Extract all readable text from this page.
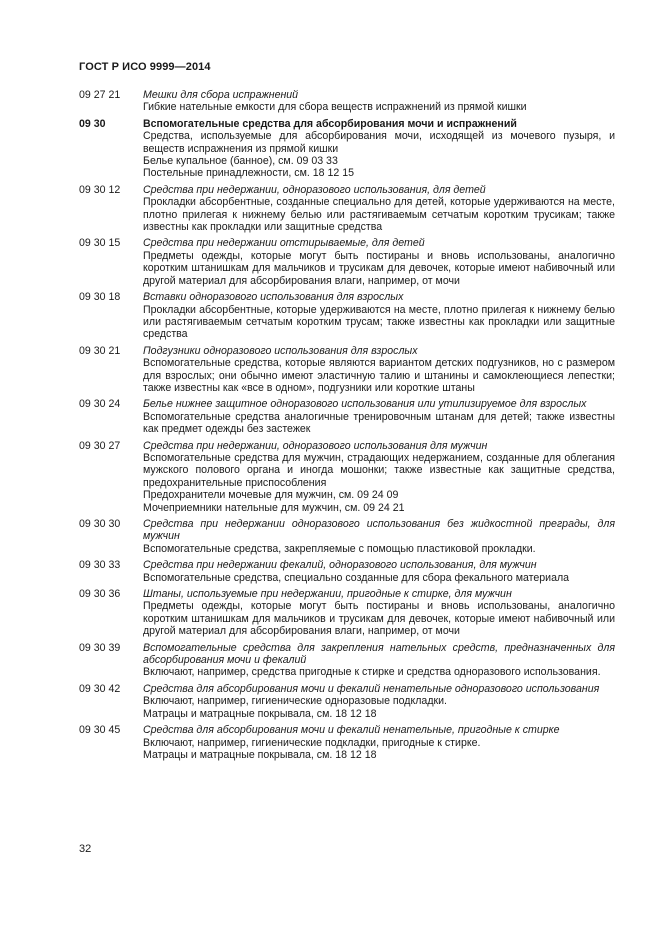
ГОСТ Р ИСО 9999—2014
09 27 21	Мешки для сбора испражнений
Гибкие нательные емкости для сбора веществ испражнений из прямой кишки
09 30	Вспомогательные средства для абсорбирования мочи и испражнений
Средства, используемые для абсорбирования мочи, исходящей из мочевого пузыря, и веществ испражнения из прямой кишки
Белье купальное (банное), см. 09 03 33
Постельные принадлежности, см. 18 12 15
09 30 12	Средства при недержании, одноразового использования, для детей
Прокладки абсорбентные, созданные специально для детей, которые удерживаются на месте, плотно прилегая к нижнему белью или растягиваемым сетчатым коротким трусикам; также известны как прокладки или защитные средства
09 30 15	Средства при недержании отстирываемые, для детей
Предметы одежды, которые могут быть постираны и вновь использованы, аналогично коротким штанишкам для мальчиков и трусикам для девочек, которые имеют набивочный или другой материал для абсорбирования влаги, например, от мочи
09 30 18	Вставки одноразового использования для взрослых
Прокладки абсорбентные, которые удерживаются на месте, плотно прилегая к нижнему белью или растягиваемым сетчатым коротким трусам; также известны как прокладки или защитные средства
09 30 21	Подгузники одноразового использования для взрослых
Вспомогательные средства, которые являются вариантом детских подгузников, но с размером для взрослых; они обычно имеют эластичную талию и штанины и самоклеющиеся лепестки; также известны как «все в одном», подгузники или короткие штаны
09 30 24	Белье нижнее защитное одноразового использования или утилизируемое для взрослых
Вспомогательные средства аналогичные тренировочным штанам для детей; также известны как предмет одежды без застежек
09 30 27	Средства при недержании, одноразового использования для мужчин
Вспомогательные средства для мужчин, страдающих недержанием, созданные для облегания мужского полового органа и иногда мошонки; также известные как защитные средства, предохранительные приспособления
Предохранители мочевые для мужчин, см. 09 24 09
Мочеприемники нательные для мужчин, см. 09 24 21
09 30 30	Средства при недержании одноразового использования без жидкостной преграды, для мужчин
Вспомогательные средства, закрепляемые с помощью пластиковой прокладки.
09 30 33	Средства при недержании фекалий, одноразового использования, для мужчин
Вспомогательные средства, специально созданные для сбора фекального материала
09 30 36	Штаны, используемые при недержании, пригодные к стирке, для мужчин
Предметы одежды, которые могут быть постираны и вновь использованы, аналогично коротким штанишкам для мальчиков и трусикам для девочек, которые имеют набивочный или другой материал для абсорбирования влаги, например, от мочи
09 30 39	Вспомогательные средства для закрепления нательных средств, предназначенных для абсорбирования мочи и фекалий
Включают, например, средства пригодные к стирке и средства одноразового использования.
09 30 42	Средства для абсорбирования мочи и фекалий ненательные одноразового использования
Включают, например, гигиенические одноразовые подкладки.
Матрацы и матрацные покрывала, см. 18 12 18
09 30 45	Средства для абсорбирования мочи и фекалий ненательные, пригодные к стирке
Включают, например, гигиенические подкладки, пригодные к стирке.
Матрацы и матрацные покрывала, см. 18 12 18
32
